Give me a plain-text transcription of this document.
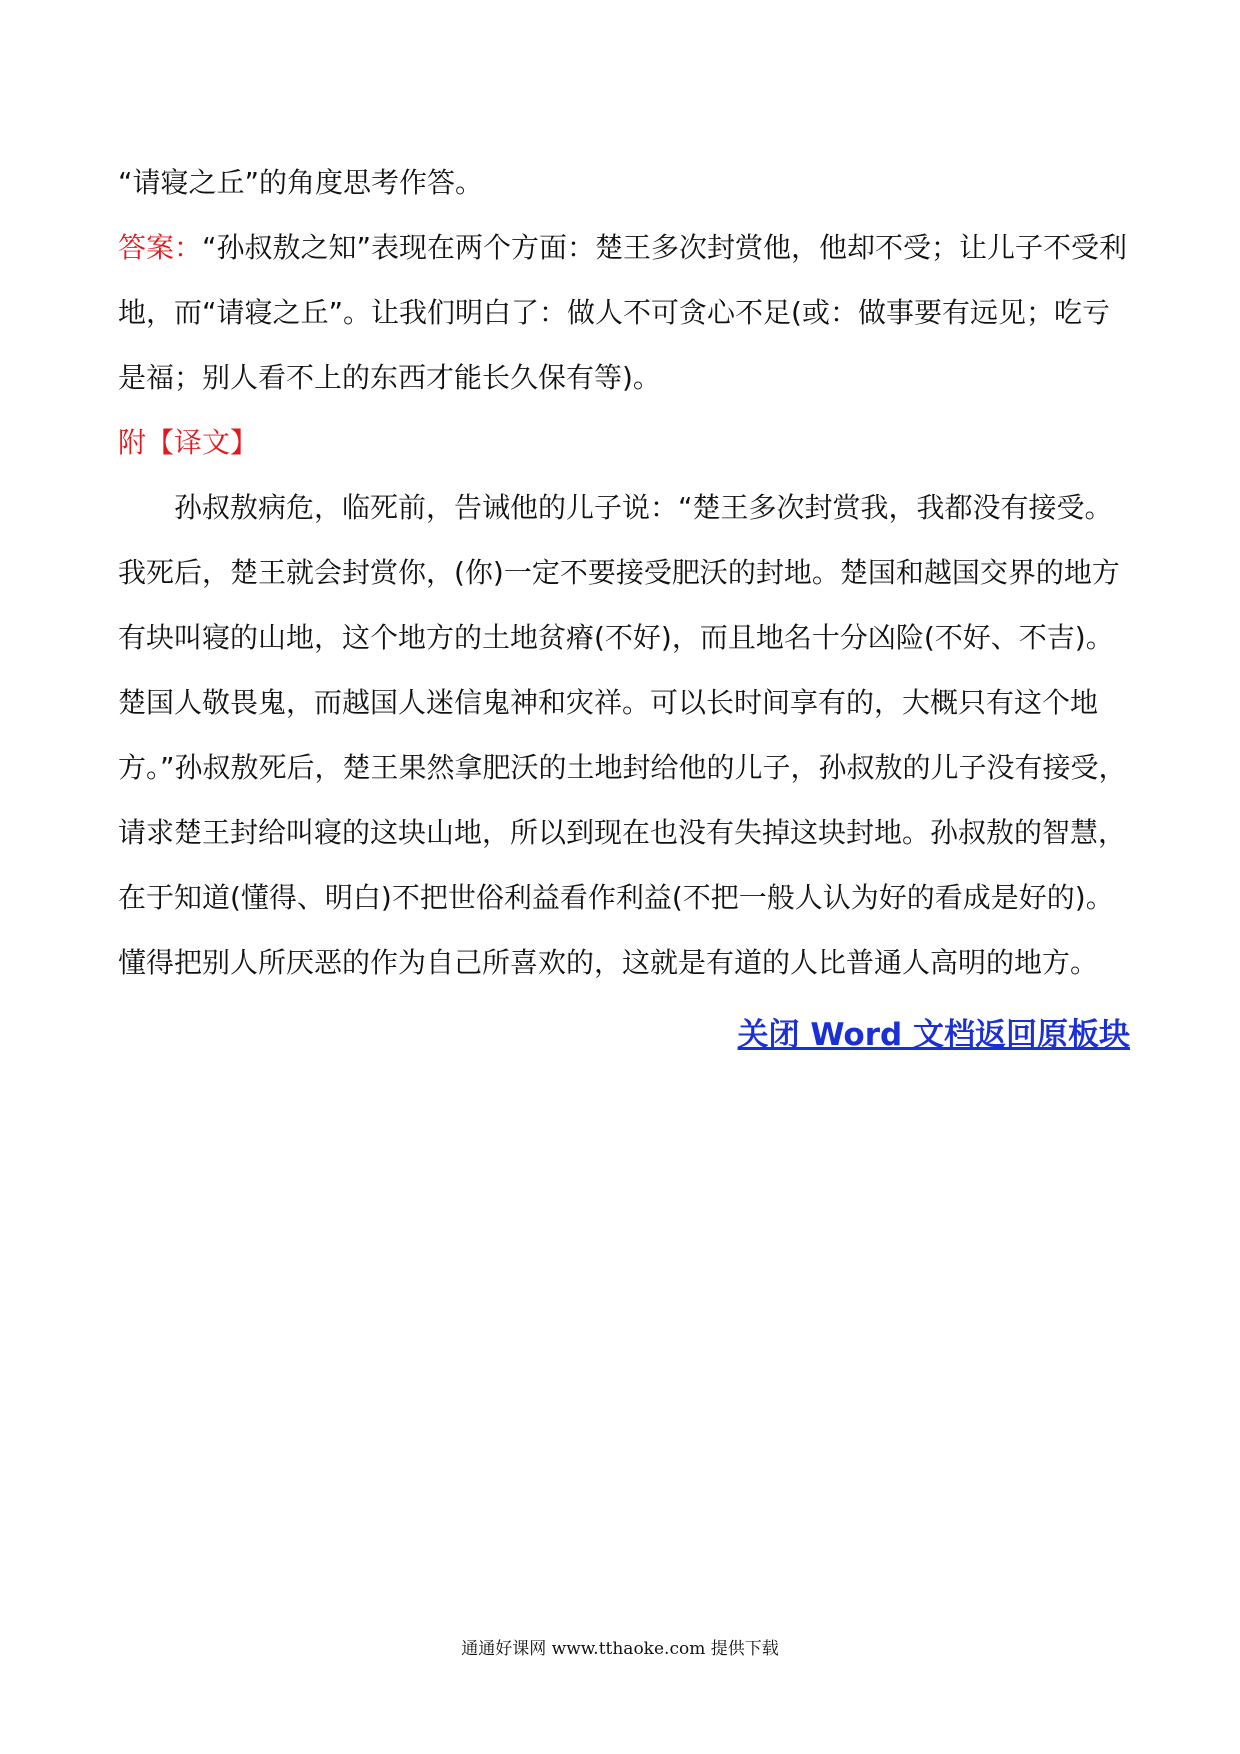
“请寝之丘”的角度思考作答。

答案：“孙叔敖之知”表现在两个方面：楚王多次封赏他，他却不受；让儿子不受利地，而“请寝之丘”。让我们明白了：做人不可贪心不足(或：做事要有远见；吃亏是福；别人看不上的东西才能长久保有等)。

附【译文】

孙叔敖病危，临死前，告诫他的儿子说：“楚王多次封赏我，我都没有接受。我死后，楚王就会封赏你，(你)一定不要接受肥沃的封地。楚国和越国交界的地方有块叫寝的山地，这个地方的土地贫瘠(不好)，而且地名十分凶险(不好、不吉)。楚国人敬畏鬼，而越国人迷信鬼神和灾祥。可以长时间享有的，大概只有这个地方。”孙叔敖死后，楚王果然拿肥沃的土地封给他的儿子，孙叔敖的儿子没有接受，请求楚王封给叫寝的这块山地，所以到现在也没有失掉这块封地。孙叔敖的智慧，在于知道(懂得、明白)不把世俗利益看作利益(不把一般人认为好的看成是好的)。懂得把别人所厌恶的作为自己所喜欢的，这就是有道的人比普通人高明的地方。

关闭 Word 文档返回原板块
通通好课网 www.tthaoke.com 提供下载
